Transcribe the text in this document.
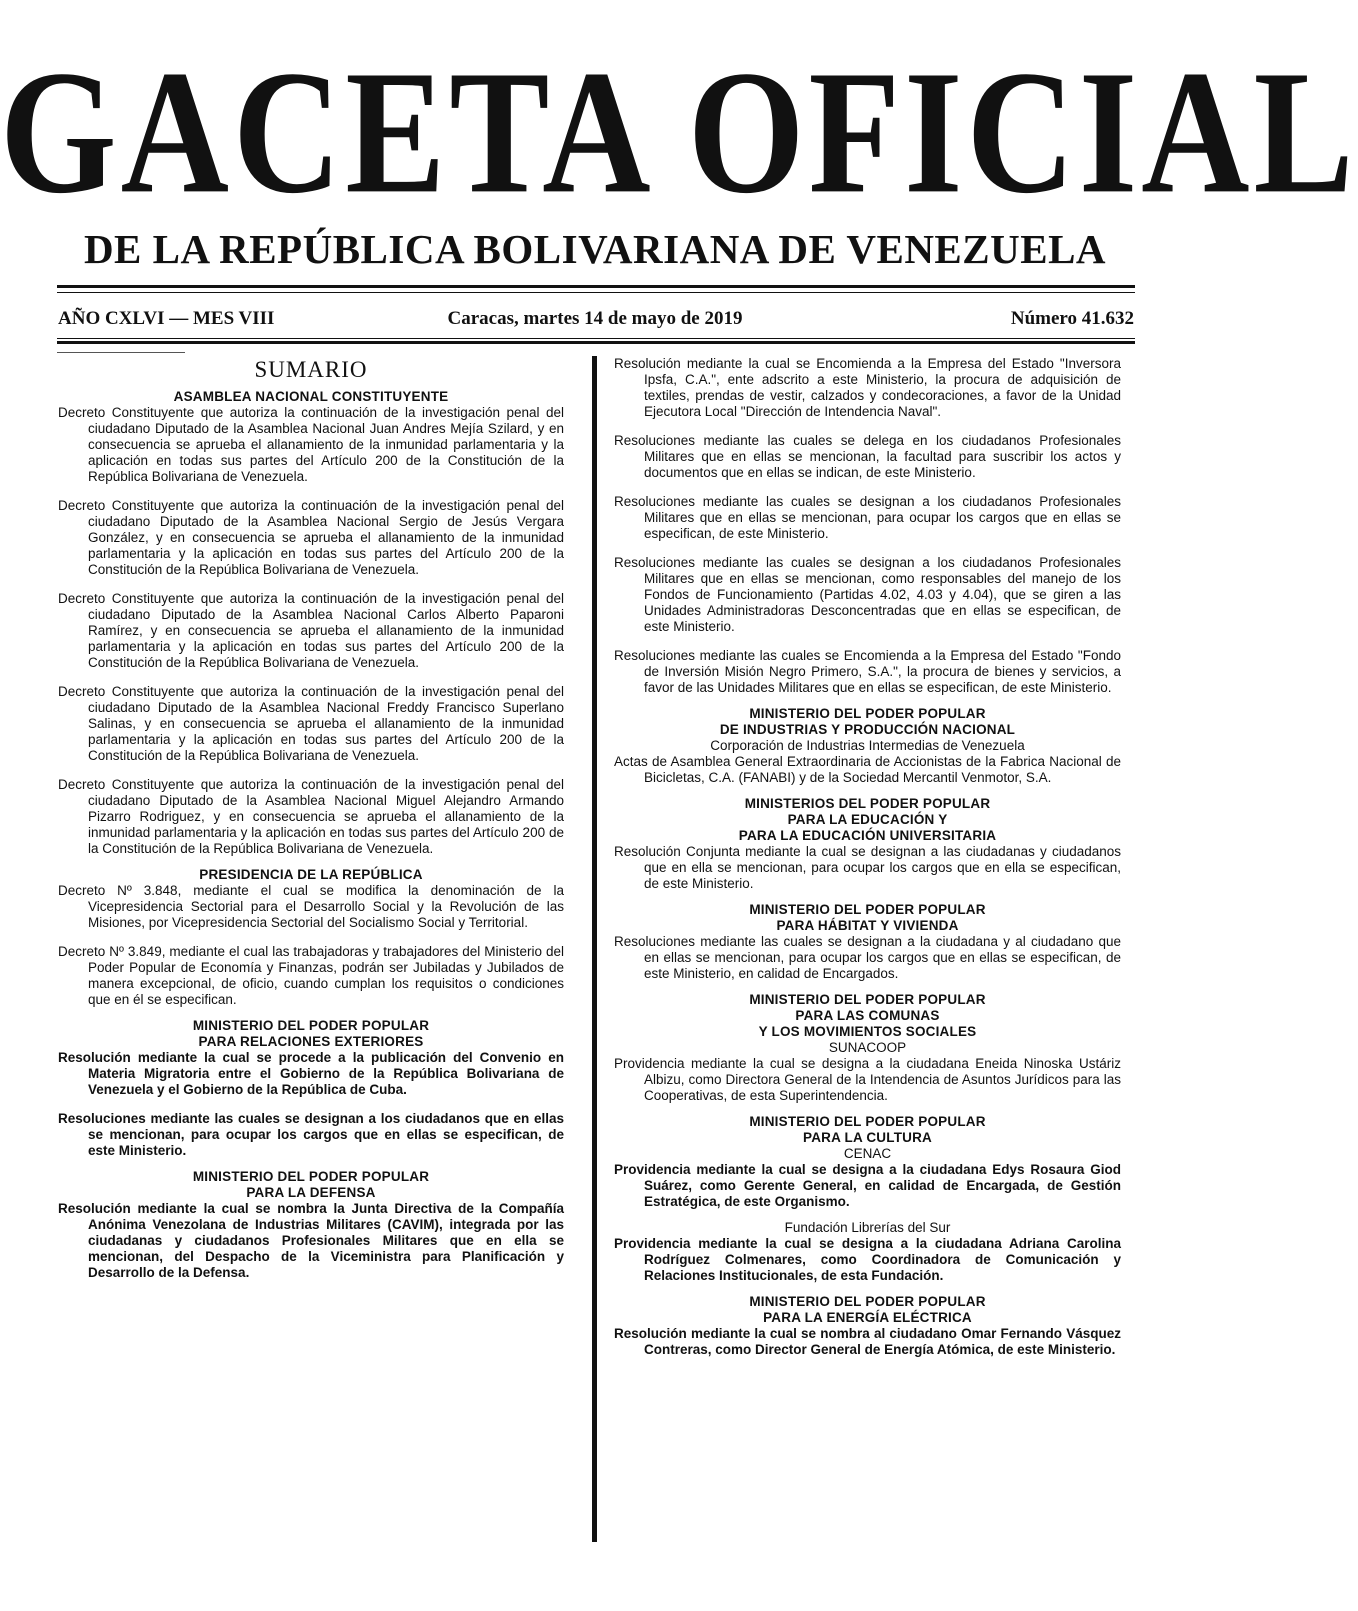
GACETA OFICIAL
DE LA REPÚBLICA BOLIVARIANA DE VENEZUELA
AÑO CXLVI — MES VIII	Caracas, martes 14 de mayo de 2019	Número 41.632
SUMARIO
ASAMBLEA NACIONAL CONSTITUYENTE
Decreto Constituyente que autoriza la continuación de la investigación penal del ciudadano Diputado de la Asamblea Nacional Juan Andres Mejía Szilard, y en consecuencia se aprueba el allanamiento de la inmunidad parlamentaria y la aplicación en todas sus partes del Artículo 200 de la Constitución de la República Bolivariana de Venezuela.
Decreto Constituyente que autoriza la continuación de la investigación penal del ciudadano Diputado de la Asamblea Nacional Sergio de Jesús Vergara González, y en consecuencia se aprueba el allanamiento de la inmunidad parlamentaria y la aplicación en todas sus partes del Artículo 200 de la Constitución de la República Bolivariana de Venezuela.
Decreto Constituyente que autoriza la continuación de la investigación penal del ciudadano Diputado de la Asamblea Nacional Carlos Alberto Paparoni Ramírez, y en consecuencia se aprueba el allanamiento de la inmunidad parlamentaria y la aplicación en todas sus partes del Artículo 200 de la Constitución de la República Bolivariana de Venezuela.
Decreto Constituyente que autoriza la continuación de la investigación penal del ciudadano Diputado de la Asamblea Nacional Freddy Francisco Superlano Salinas, y en consecuencia se aprueba el allanamiento de la inmunidad parlamentaria y la aplicación en todas sus partes del Artículo 200 de la Constitución de la República Bolivariana de Venezuela.
Decreto Constituyente que autoriza la continuación de la investigación penal del ciudadano Diputado de la Asamblea Nacional Miguel Alejandro Armando Pizarro Rodriguez, y en consecuencia se aprueba el allanamiento de la inmunidad parlamentaria y la aplicación en todas sus partes del Artículo 200 de la Constitución de la República Bolivariana de Venezuela.
PRESIDENCIA DE LA REPÚBLICA
Decreto Nº 3.848, mediante el cual se modifica la denominación de la Vicepresidencia Sectorial para el Desarrollo Social y la Revolución de las Misiones, por Vicepresidencia Sectorial del Socialismo Social y Territorial.
Decreto Nº 3.849, mediante el cual las trabajadoras y trabajadores del Ministerio del Poder Popular de Economía y Finanzas, podrán ser Jubiladas y Jubilados de manera excepcional, de oficio, cuando cumplan los requisitos o condiciones que en él se especifican.
MINISTERIO DEL PODER POPULAR
PARA RELACIONES EXTERIORES
Resolución mediante la cual se procede a la publicación del Convenio en Materia Migratoria entre el Gobierno de la República Bolivariana de Venezuela y el Gobierno de la República de Cuba.
Resoluciones mediante las cuales se designan a los ciudadanos que en ellas se mencionan, para ocupar los cargos que en ellas se especifican, de este Ministerio.
MINISTERIO DEL PODER POPULAR
PARA LA DEFENSA
Resolución mediante la cual se nombra la Junta Directiva de la Compañía Anónima Venezolana de Industrias Militares (CAVIM), integrada por las ciudadanas y ciudadanos Profesionales Militares que en ella se mencionan, del Despacho de la Viceministra para Planificación y Desarrollo de la Defensa.
Resolución mediante la cual se Encomienda a la Empresa del Estado "Inversora Ipsfa, C.A.", ente adscrito a este Ministerio, la procura de adquisición de textiles, prendas de vestir, calzados y condecoraciones, a favor de la Unidad Ejecutora Local "Dirección de Intendencia Naval".
Resoluciones mediante las cuales se delega en los ciudadanos Profesionales Militares que en ellas se mencionan, la facultad para suscribir los actos y documentos que en ellas se indican, de este Ministerio.
Resoluciones mediante las cuales se designan a los ciudadanos Profesionales Militares que en ellas se mencionan, para ocupar los cargos que en ellas se especifican, de este Ministerio.
Resoluciones mediante las cuales se designan a los ciudadanos Profesionales Militares que en ellas se mencionan, como responsables del manejo de los Fondos de Funcionamiento (Partidas 4.02, 4.03 y 4.04), que se giren a las Unidades Administradoras Desconcentradas que en ellas se especifican, de este Ministerio.
Resoluciones mediante las cuales se Encomienda a la Empresa del Estado "Fondo de Inversión Misión Negro Primero, S.A.", la procura de bienes y servicios, a favor de las Unidades Militares que en ellas se especifican, de este Ministerio.
MINISTERIO DEL PODER POPULAR
DE INDUSTRIAS Y PRODUCCIÓN NACIONAL
Corporación de Industrias Intermedias de Venezuela
Actas de Asamblea General Extraordinaria de Accionistas de la Fabrica Nacional de Bicicletas, C.A. (FANABI) y de la Sociedad Mercantil Venmotor, S.A.
MINISTERIOS DEL PODER POPULAR
PARA LA EDUCACIÓN Y
PARA LA EDUCACIÓN UNIVERSITARIA
Resolución Conjunta mediante la cual se designan a las ciudadanas y ciudadanos que en ella se mencionan, para ocupar los cargos que en ella se especifican, de este Ministerio.
MINISTERIO DEL PODER POPULAR
PARA HÁBITAT Y VIVIENDA
Resoluciones mediante las cuales se designan a la ciudadana y al ciudadano que en ellas se mencionan, para ocupar los cargos que en ellas se especifican, de este Ministerio, en calidad de Encargados.
MINISTERIO DEL PODER POPULAR
PARA LAS COMUNAS
Y LOS MOVIMIENTOS SOCIALES
SUNACOOP
Providencia mediante la cual se designa a la ciudadana Eneida Ninoska Ustáriz Albizu, como Directora General de la Intendencia de Asuntos Jurídicos para las Cooperativas, de esta Superintendencia.
MINISTERIO DEL PODER POPULAR
PARA LA CULTURA
CENAC
Providencia mediante la cual se designa a la ciudadana Edys Rosaura Giod Suárez, como Gerente General, en calidad de Encargada, de Gestión Estratégica, de este Organismo.
Fundación Librerías del Sur
Providencia mediante la cual se designa a la ciudadana Adriana Carolina Rodríguez Colmenares, como Coordinadora de Comunicación y Relaciones Institucionales, de esta Fundación.
MINISTERIO DEL PODER POPULAR
PARA LA ENERGÍA ELÉCTRICA
Resolución mediante la cual se nombra al ciudadano Omar Fernando Vásquez Contreras, como Director General de Energía Atómica, de este Ministerio.
